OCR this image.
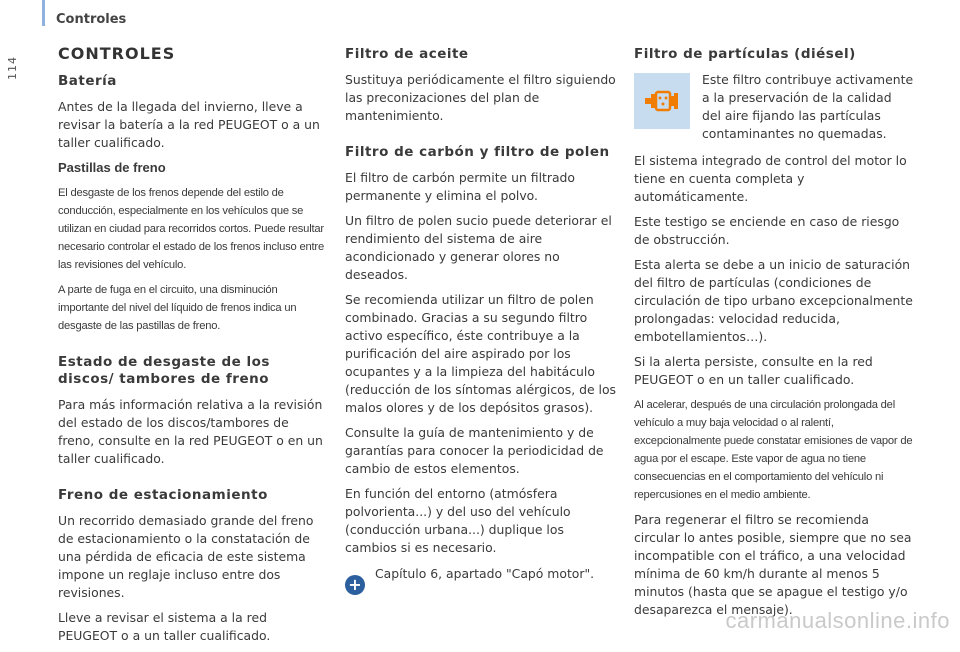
Controles
114
CONTROLES
Batería

Antes de la llegada del invierno, lleve a revisar la batería a la red PEUGEOT o a un taller cualificado.

Pastillas de freno

El desgaste de los frenos depende del estilo de conducción, especialmente en los vehículos que se utilizan en ciudad para recorridos cortos. Puede resultar necesario controlar el estado de los frenos incluso entre las revisiones del vehículo.

A parte de fuga en el circuito, una disminución importante del nivel del líquido de frenos indica un desgaste de las pastillas de freno.

Estado de desgaste de los discos/ tambores de freno

Para más información relativa a la revisión del estado de los discos/tambores de freno, consulte en la red PEUGEOT o en un taller cualificado.

Freno de estacionamiento

Un recorrido demasiado grande del freno de estacionamiento o la constatación de una pérdida de eficacia de este sistema impone un reglaje incluso entre dos revisiones.

Lleve a revisar el sistema a la red PEUGEOT o a un taller cualificado.

Filtro de aceite

Sustituya periódicamente el filtro siguiendo las preconizaciones del plan de mantenimiento.

Filtro de carbón y filtro de polen

El filtro de carbón permite un filtrado permanente y elimina el polvo.

Un filtro de polen sucio puede deteriorar el rendimiento del sistema de aire acondicionado y generar olores no deseados.

Se recomienda utilizar un filtro de polen combinado. Gracias a su segundo filtro activo específico, éste contribuye a la purificación del aire aspirado por los ocupantes y a la limpieza del habitáculo (reducción de los síntomas alérgicos, de los malos olores y de los depósitos grasos).

Consulte la guía de mantenimiento y de garantías para conocer la periodicidad de cambio de estos elementos.

En función del entorno (atmósfera polvorienta...) y del uso del vehículo (conducción urbana...) duplique los cambios si es necesario.

+

Capítulo 6, apartado "Capó motor".

Filtro de partículas (diésel)

Este filtro contribuye activamente a la preservación de la calidad del aire fijando las partículas contaminantes no quemadas.

El sistema integrado de control del motor lo tiene en cuenta completa y automáticamente.

Este testigo se enciende en caso de riesgo de obstrucción.

Esta alerta se debe a un inicio de saturación del filtro de partículas (condiciones de circulación de tipo urbano excepcionalmente prolongadas: velocidad reducida, embotellamientos…).

Si la alerta persiste, consulte en la red PEUGEOT o en un taller cualificado.

Al acelerar, después de una circulación prolongada del vehículo a muy baja velocidad o al ralentí, excepcionalmente puede constatar emisiones de vapor de agua por el escape. Este vapor de agua no tiene consecuencias en el comportamiento del vehículo ni repercusiones en el medio ambiente.

Para regenerar el filtro se recomienda circular lo antes posible, siempre que no sea incompatible con el tráfico, a una velocidad mínima de 60 km/h durante al menos 5 minutos (hasta que se apague el testigo y/o desaparezca el mensaje).

carmanualsonline.info
